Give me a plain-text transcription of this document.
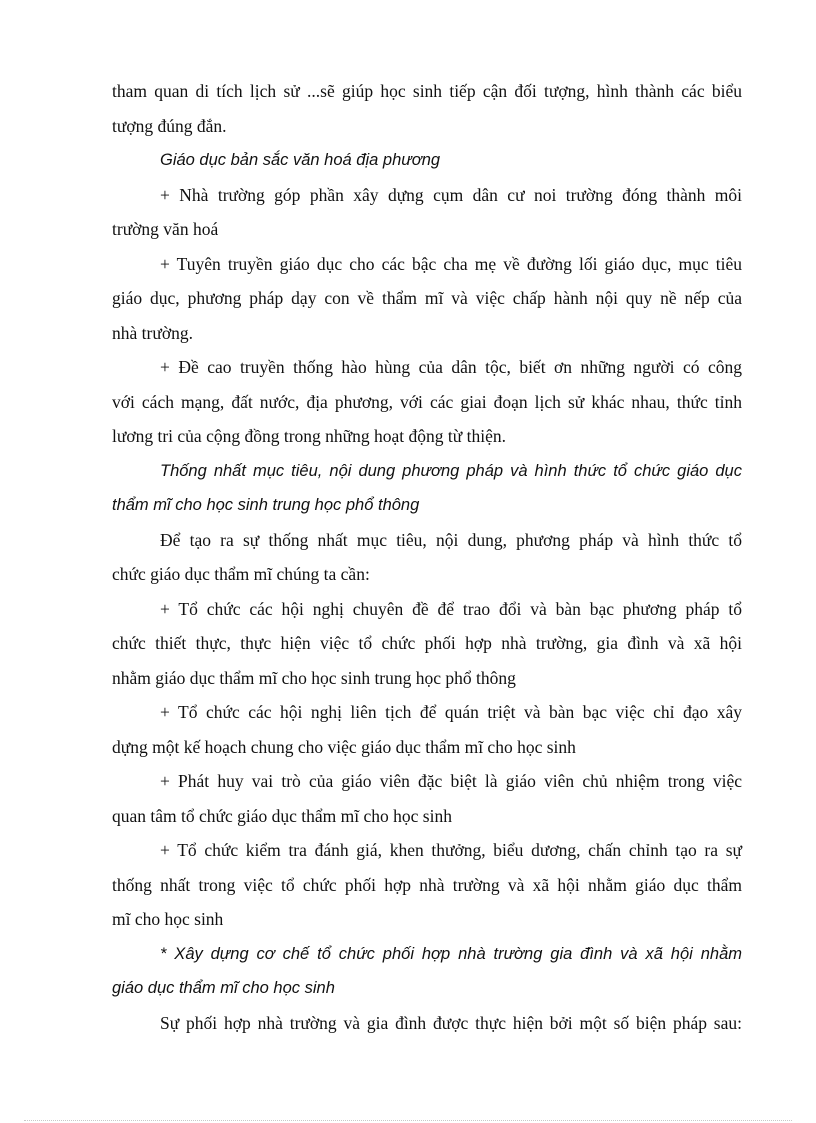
tham quan di tích lịch sử ...sẽ giúp học sinh tiếp cận đối tượng, hình thành các biểu
tượng đúng đắn.
Giáo dục bản sắc văn hoá địa phương
+ Nhà trường góp phần xây dựng cụm dân cư noi trường đóng thành môi
trường văn hoá
+ Tuyên truyền giáo dục cho các bậc cha mẹ về đường lối giáo dục, mục tiêu
giáo dục, phương pháp dạy con về thẩm mĩ và việc chấp hành nội quy nề nếp của
nhà trường.
+ Đề cao truyền thống hào hùng của dân tộc, biết ơn những người có công
với cách mạng, đất nước, địa phương, với các giai đoạn lịch sử khác nhau, thức tỉnh
lương tri của cộng đồng trong những hoạt động từ thiện.
Thống nhất mục tiêu, nội dung phương pháp và hình thức tổ chức giáo dục
thẩm mĩ cho học sinh trung học phổ thông
Để tạo ra sự thống nhất mục tiêu, nội dung, phương pháp và hình thức tổ
chức giáo dục thẩm mĩ chúng ta cần:
+ Tổ chức các hội nghị chuyên đề để trao đổi và bàn bạc phương pháp tổ
chức thiết thực, thực hiện việc tổ chức phối hợp nhà trường, gia đình và xã hội
nhằm giáo dục thẩm mĩ cho học sinh trung học phổ thông
+ Tổ chức các hội nghị liên tịch để quán triệt và bàn bạc việc chỉ đạo xây
dựng một kế hoạch chung cho việc giáo dục thẩm mĩ cho học sinh
+ Phát huy vai trò của giáo viên đặc biệt là giáo viên chủ nhiệm trong việc
quan tâm tổ chức giáo dục thẩm mĩ cho học sinh
+ Tổ chức kiểm tra đánh giá, khen thưởng, biểu dương, chấn chỉnh tạo ra sự
thống nhất trong việc tổ chức phối hợp nhà trường và xã hội nhằm giáo dục thẩm
mĩ cho học sinh
* Xây dựng cơ chế tổ chức phối hợp nhà trường gia đình và xã hội nhằm
giáo dục thẩm mĩ cho học sinh
Sự phối hợp nhà trường và gia đình được thực hiện bởi một số biện pháp sau:
